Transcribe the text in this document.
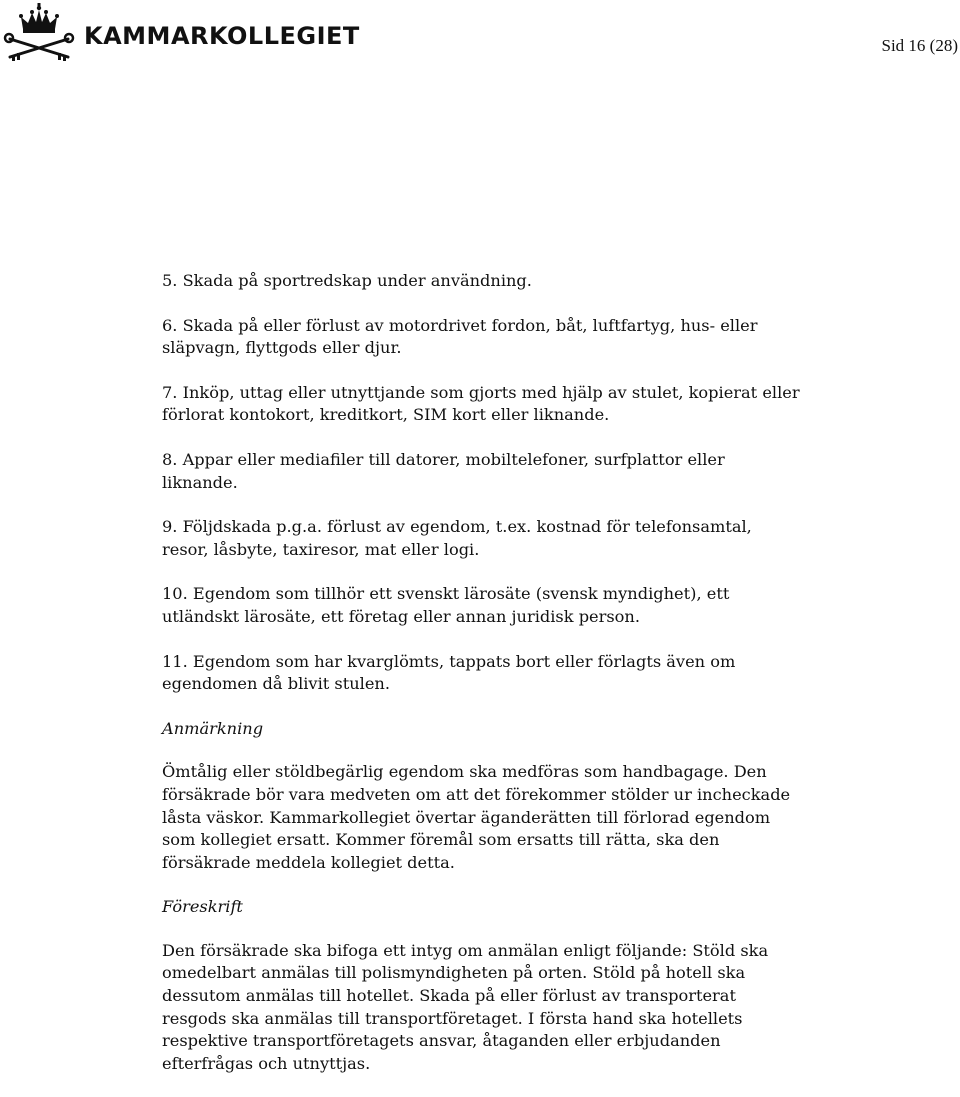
KAMMARKOLLEGIET	Sid 16 (28)

5. Skada på sportredskap under användning.

6. Skada på eller förlust av motordrivet fordon, båt, luftfartyg, hus- eller släpvagn, flyttgods eller djur.

7. Inköp, uttag eller utnyttjande som gjorts med hjälp av stulet, kopierat eller förlorat kontokort, kreditkort, SIM kort eller liknande.

8. Appar eller mediafiler till datorer, mobiltelefoner, surfplattor eller liknande.

9. Följdskada p.g.a. förlust av egendom, t.ex. kostnad för telefonsamtal, resor, låsbyte, taxiresor, mat eller logi.

10. Egendom som tillhör ett svenskt lärosäte (svensk myndighet), ett utländskt lärosäte, ett företag eller annan juridisk person.

11. Egendom som har kvarglömts, tappats bort eller förlagts även om egendomen då blivit stulen.

Anmärkning

Ömtålig eller stöldbegärlig egendom ska medföras som handbagage. Den försäkrade bör vara medveten om att det förekommer stölder ur incheckade låsta väskor. Kammarkollegiet övertar äganderätten till förlorad egendom som kollegiet ersatt. Kommer föremål som ersatts till rätta, ska den försäkrade meddela kollegiet detta.

Föreskrift

Den försäkrade ska bifoga ett intyg om anmälan enligt följande: Stöld ska omedelbart anmälas till polismyndigheten på orten. Stöld på hotell ska dessutom anmälas till hotellet. Skada på eller förlust av transporterat resgods ska anmälas till transportföretaget. I första hand ska hotellets respektive transportföretagets ansvar, åtaganden eller erbjudanden efterfrågas och utnyttjas.
